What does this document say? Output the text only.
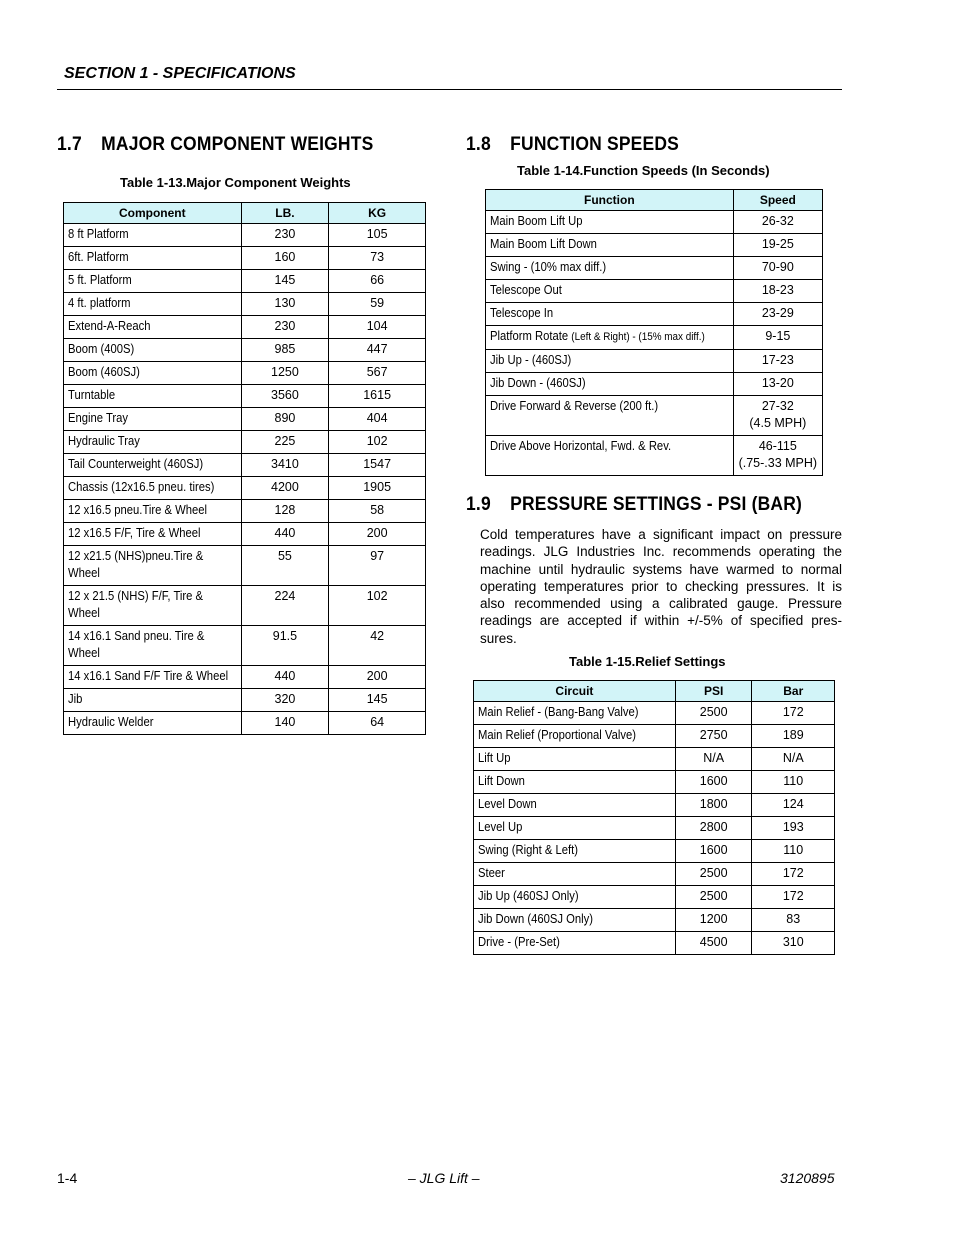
SECTION 1 - SPECIFICATIONS
1.7 MAJOR COMPONENT WEIGHTS
Table 1-13.Major Component Weights
Component	LB.	KG

8 ft Platform	230	105

6ft. Platform	160	73

5 ft. Platform	145	66

4 ft. platform	130	59

Extend-A-Reach	230	104

Boom (400S)	985	447

Boom (460SJ)	1250	567

Turntable	3560	1615

Engine Tray	890	404

Hydraulic Tray	225	102

Tail Counterweight (460SJ)	3410	1547

Chassis (12x16.5 pneu. tires)	4200	1905

12 x16.5 pneu.Tire & Wheel	128	58

12 x16.5 F/F, Tire & Wheel	440	200

12 x21.5 (NHS)pneu.Tire & Wheel	55	97

12 x 21.5 (NHS) F/F, Tire & Wheel	224	102

14 x16.1 Sand pneu. Tire & Wheel	91.5	42

14 x16.1 Sand F/F Tire & Wheel	440	200

Jib	320	145

Hydraulic Welder	140	64
1.8 FUNCTION SPEEDS
Table 1-14.Function Speeds (In Seconds)
Function	Speed
Main Boom Lift Up	26-32

Main Boom Lift Down	19-25

Swing - (10% max diff.)	70-90

Telescope Out	18-23

Telescope In	23-29

Platform Rotate (Left & Right) - (15% max diff.)	9-15

Jib Up - (460SJ)	17-23

Jib Down - (460SJ)	13-20

Drive Forward & Reverse (200 ft.)	27-32
(4.5 MPH)

Drive Above Horizontal, Fwd. & Rev.	46-115
(.75-.33 MPH)
1.9 PRESSURE SETTINGS - PSI (BAR)
Cold temperatures have a significant impact on pressure readings. JLG Industries Inc. recommends operating the machine until hydraulic systems have warmed to normal operating temperatures prior to checking pressures. It is also recommended using a calibrated gauge. Pressure readings are accepted if within +/-5% of specified pres-sures.
Table 1-15.Relief Settings
Circuit	PSI	Bar
Main Relief - (Bang-Bang Valve)	2500	172
Main Relief (Proportional Valve)	2750	189
Lift Up	N/A	N/A
Lift Down	1600	110
Level Down	1800	124
Level Up	2800	193
Swing (Right & Left)	1600	110
Steer	2500	172
Jib Up (460SJ Only)	2500	172
Jib Down (460SJ Only)	1200	83
Drive - (Pre-Set)	4500	310
1-4	– JLG Lift –	3120895
